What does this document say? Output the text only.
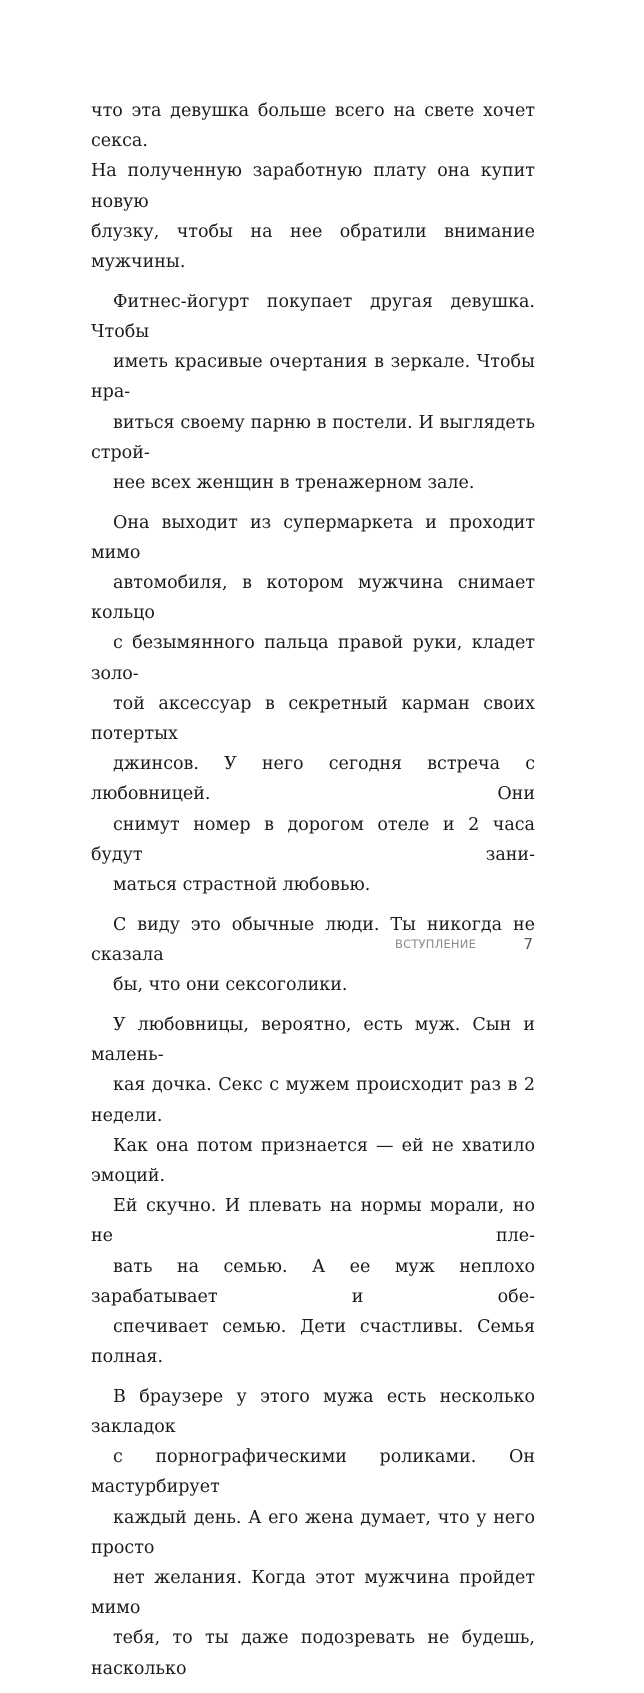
что эта девушка больше всего на свете хочет секса.
На полученную заработную плату она купит новую
блузку, чтобы на нее обратили внимание мужчины.

Фитнес-йогурт покупает другая девушка. Чтобы
иметь красивые очертания в зеркале. Чтобы нра-
виться своему парню в постели. И выглядеть строй-
нее всех женщин в тренажерном зале.

Она выходит из супермаркета и проходит мимо
автомобиля, в котором мужчина снимает кольцо
с безымянного пальца правой руки, кладет золо-
той аксессуар в секретный карман своих потертых
джинсов. У него сегодня встреча с любовницей. Они
снимут номер в дорогом отеле и 2 часа будут зани-
маться страстной любовью.

С виду это обычные люди. Ты никогда не сказала
бы, что они сексоголики.

У любовницы, вероятно, есть муж. Сын и малень-
кая дочка. Секс с мужем происходит раз в 2 недели.
Как она потом признается — ей не хватило эмоций.
Ей скучно. И плевать на нормы морали, но не пле-
вать на семью. А ее муж неплохо зарабатывает и обе-
спечивает семью. Дети счастливы. Семья полная.

В браузере у этого мужа есть несколько закладок
с порнографическими роликами. Он мастурбирует
каждый день. А его жена думает, что у него просто
нет желания. Когда этот мужчина пройдет мимо
тебя, то ты даже подозревать не будешь, насколько

ВСТУПЛЕНИЕ	7
